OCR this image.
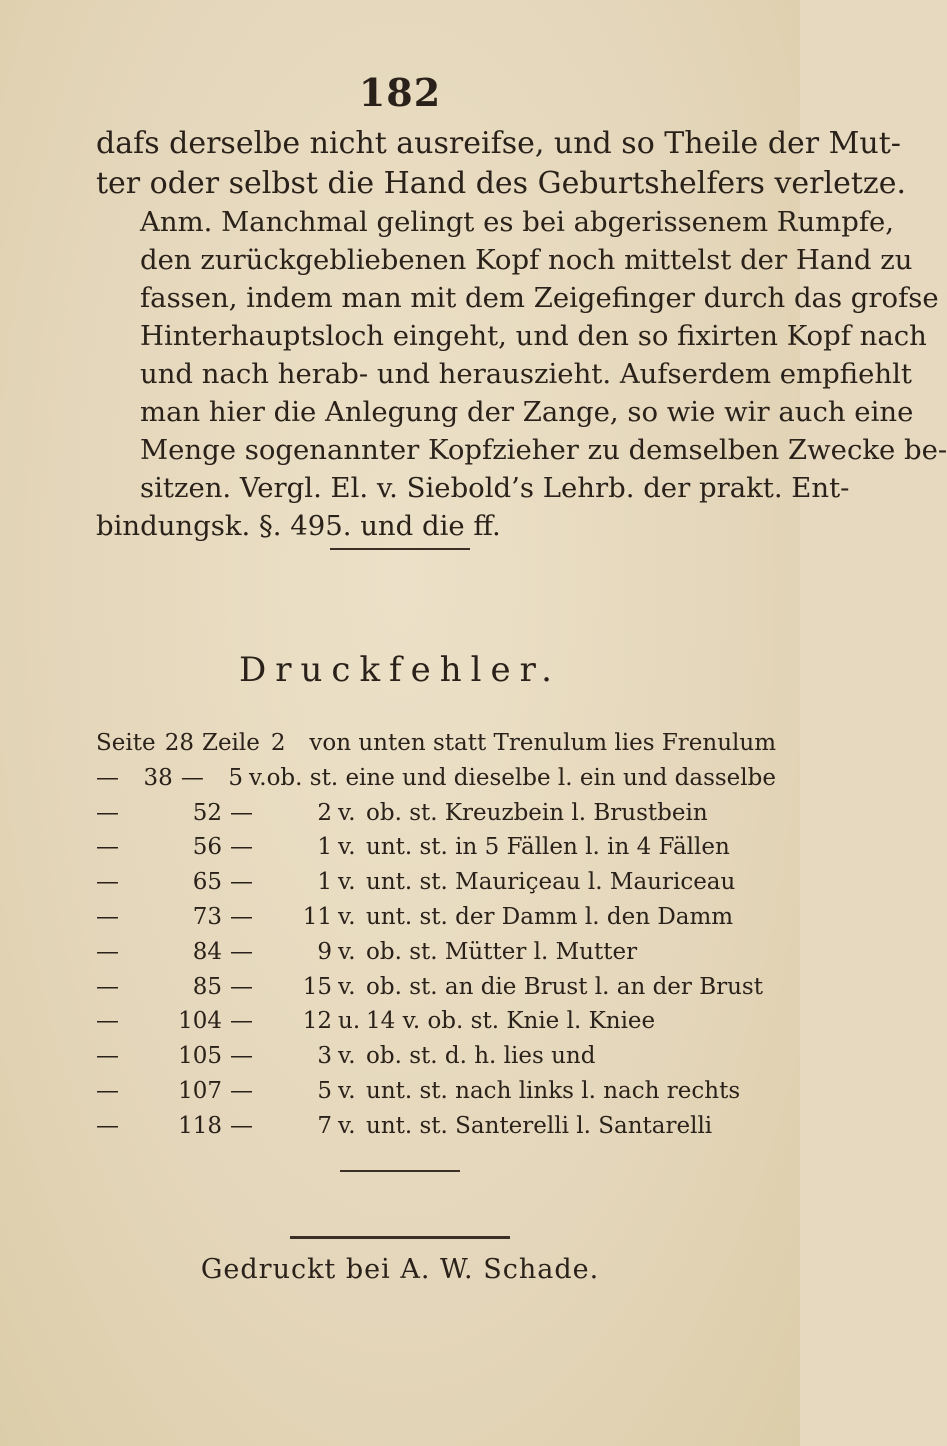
182
dafs derselbe nicht ausreifse, und so Theile der Mut-
ter oder selbst die Hand des Geburtshelfers verletze.
Anm. Manchmal gelingt es bei abgerissenem Rumpfe,
den zurückgebliebenen Kopf noch mittelst der Hand zu
fassen, indem man mit dem Zeigefinger durch das grofse
Hinterhauptsloch eingeht, und den so fixirten Kopf nach
und nach herab- und herauszieht. Aufserdem empfiehlt
man hier die Anlegung der Zange, so wie wir auch eine
Menge sogenannter Kopfzieher zu demselben Zwecke be-
sitzen. Vergl. El. v. Siebold’s Lehrb. der prakt. Ent-
bindungsk. §. 495. und die ff.
Druckfehler.
Seite 28 Zeile 2 von unten statt Trenulum lies Frenulum
—	38 —	5 v. ob. st. eine und dieselbe l. ein und dasselbe
—	52 —	2 v. ob. st. Kreuzbein l. Brustbein
—	56 —	1 v. unt. st. in 5 Fällen l. in 4 Fällen
—	65 —	1 v. unt. st. Mauriçeau l. Mauriceau
—	73 —	11 v. unt. st. der Damm l. den Damm
—	84 —	9 v. ob. st. Mütter l. Mutter
—	85 —	15 v. ob. st. an die Brust l. an der Brust
—	104 —	12 u. 14 v. ob. st. Knie l. Kniee
—	105 —	3 v. ob. st. d. h. lies und
—	107 —	5 v. unt. st. nach links l. nach rechts
—	118 —	7 v. unt. st. Santerelli l. Santarelli
Gedruckt bei A. W. Schade.
